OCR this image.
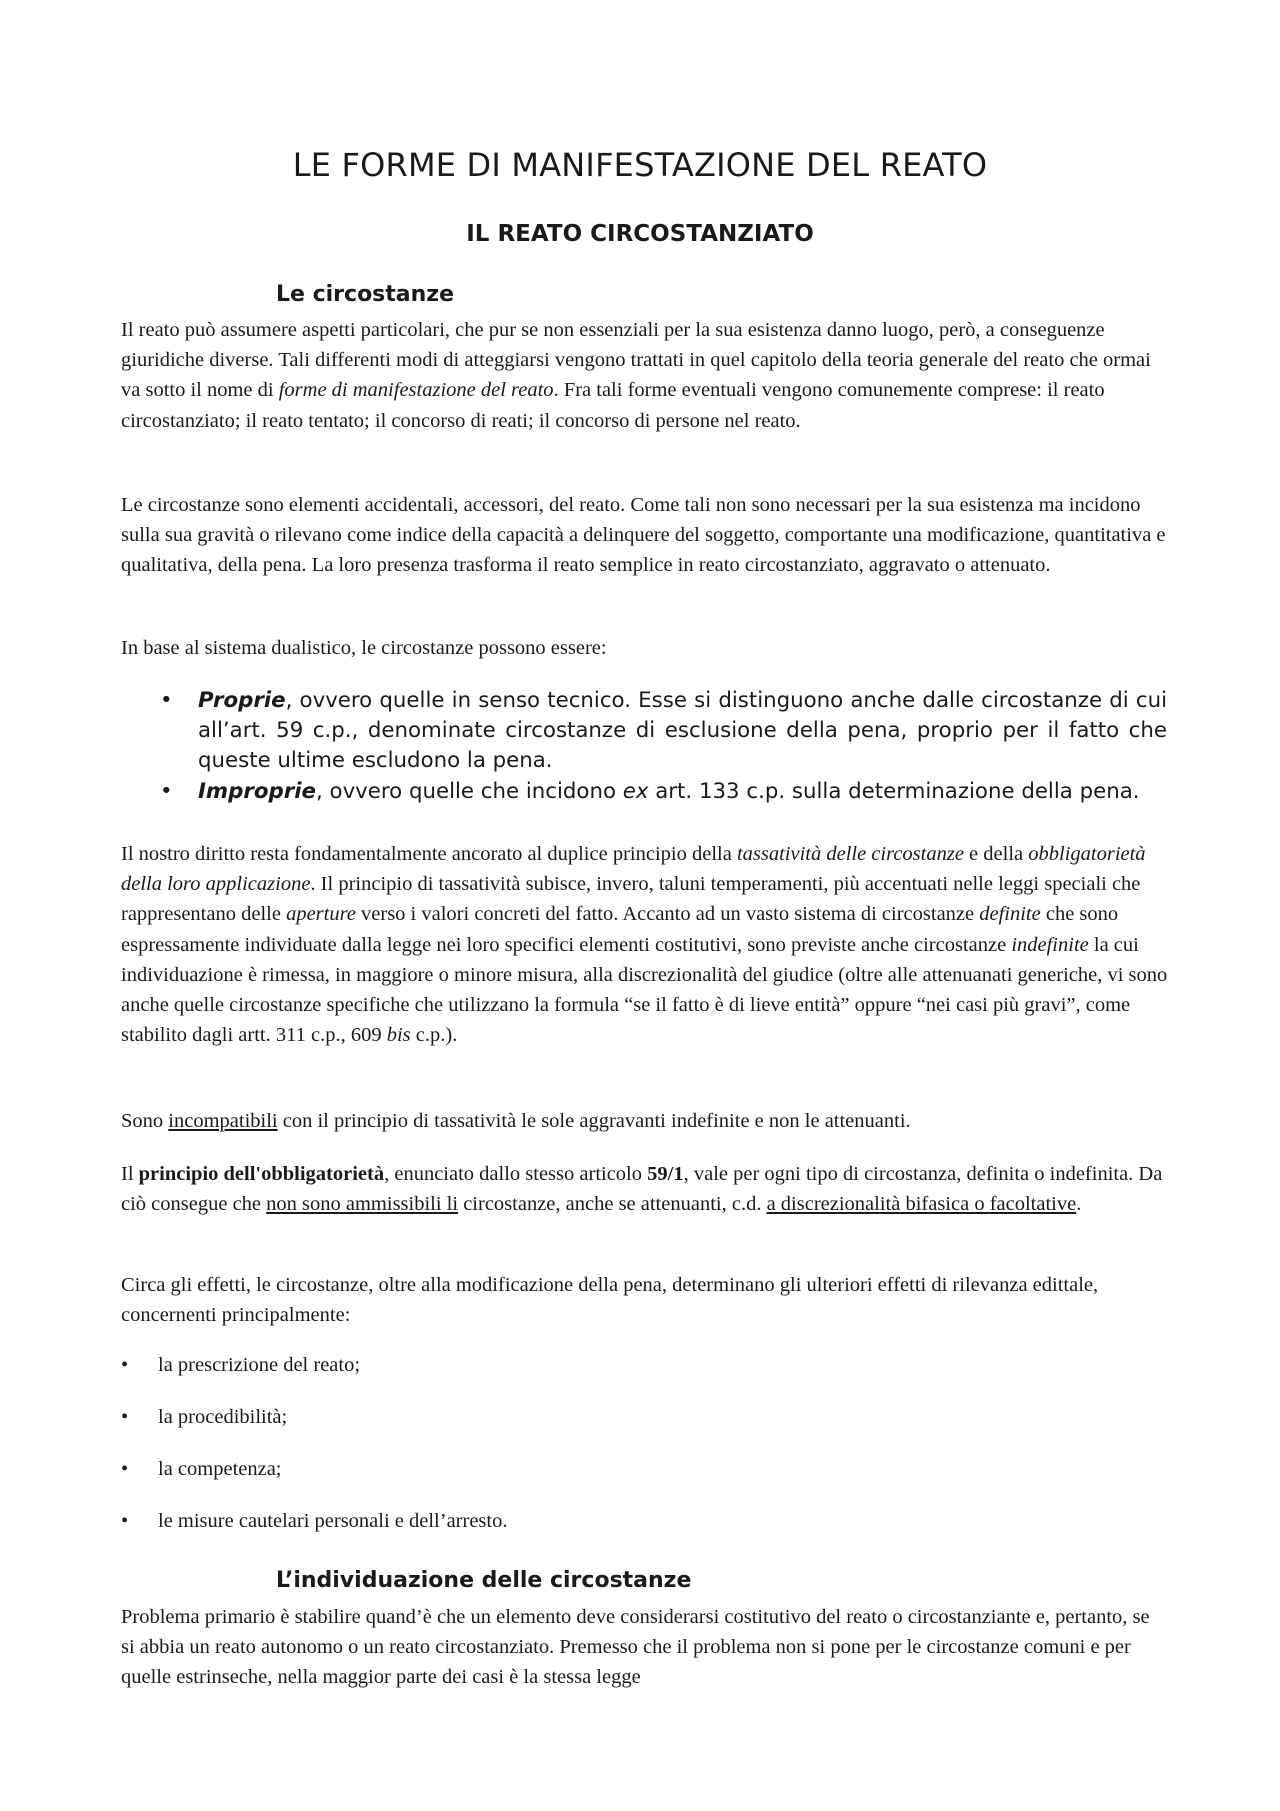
LE FORME DI MANIFESTAZIONE DEL REATO
IL REATO CIRCOSTANZIATO
Le circostanze

Il reato può assumere aspetti particolari, che pur se non essenziali per la sua esistenza danno luogo, però, a conseguenze giuridiche diverse. Tali differenti modi di atteggiarsi vengono trattati in quel capitolo della teoria generale del reato che ormai va sotto il nome di forme di manifestazione del reato. Fra tali forme eventuali vengono comunemente comprese: il reato circostanziato; il reato tentato; il concorso di reati; il concorso di persone nel reato.

Le circostanze sono elementi accidentali, accessori, del reato. Come tali non sono necessari per la sua esistenza ma incidono sulla sua gravità o rilevano come indice della capacità a delinquere del soggetto, comportante una modificazione, quantitativa e qualitativa, della pena. La loro presenza trasforma il reato semplice in reato circostanziato, aggravato o attenuato.

In base al sistema dualistico, le circostanze possono essere:

• Proprie, ovvero quelle in senso tecnico. Esse si distinguono anche dalle circostanze di cui all’art. 59 c.p., denominate circostanze di esclusione della pena, proprio per il fatto che queste ultime escludono la pena.
• Improprie, ovvero quelle che incidono ex art. 133 c.p. sulla determinazione della pena.

Il nostro diritto resta fondamentalmente ancorato al duplice principio della tassatività delle circostanze e della obbligatorietà della loro applicazione. Il principio di tassatività subisce, invero, taluni temperamenti, più accentuati nelle leggi speciali che rappresentano delle aperture verso i valori concreti del fatto. Accanto ad un vasto sistema di circostanze definite che sono espressamente individuate dalla legge nei loro specifici elementi costitutivi, sono previste anche circostanze indefinite la cui individuazione è rimessa, in maggiore o minore misura, alla discrezionalità del giudice (oltre alle attenuanati generiche, vi sono anche quelle circostanze specifiche che utilizzano la formula “se il fatto è di lieve entità” oppure “nei casi più gravi”, come stabilito dagli artt. 311 c.p., 609 bis c.p.).

Sono incompatibili con il principio di tassatività le sole aggravanti indefinite e non le attenuanti.

Il principio dell'obbligatorietà, enunciato dallo stesso articolo 59/1, vale per ogni tipo di circostanza, definita o indefinita. Da ciò consegue che non sono ammissibili li circostanze, anche se attenuanti, c.d. a discrezionalità bifasica o facoltative.

Circa gli effetti, le circostanze, oltre alla modificazione della pena, determinano gli ulteriori effetti di rilevanza edittale, concernenti principalmente:

• la prescrizione del reato;
• la procedibilità;
• la competenza;
• le misure cautelari personali e dell’arresto.
L’individuazione delle circostanze

Problema primario è stabilire quand’è che un elemento deve considerarsi costitutivo del reato o circostanziante e, pertanto, se si abbia un reato autonomo o un reato circostanziato. Premesso che il problema non si pone per le circostanze comuni e per quelle estrinseche, nella maggior parte dei casi è la stessa legge
